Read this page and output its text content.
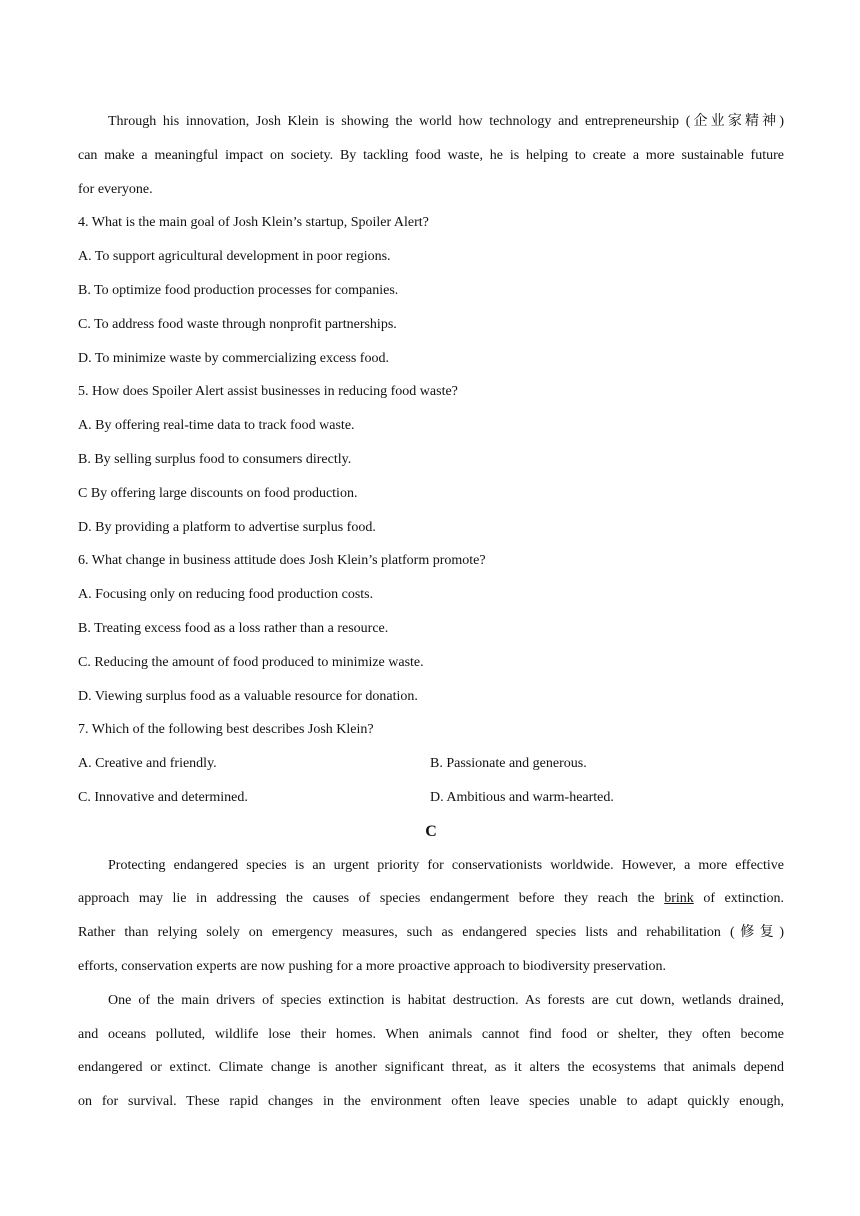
Through his innovation, Josh Klein is showing the world how technology and entrepreneurship (企业家精神)
can make a meaningful impact on society. By tackling food waste, he is helping to create a more sustainable future
for everyone.
4. What is the main goal of Josh Klein’s startup, Spoiler Alert?
A. To support agricultural development in poor regions.
B. To optimize food production processes for companies.
C. To address food waste through nonprofit partnerships.
D. To minimize waste by commercializing excess food.
5. How does Spoiler Alert assist businesses in reducing food waste?
A. By offering real-time data to track food waste.
B. By selling surplus food to consumers directly.
C By offering large discounts on food production.
D. By providing a platform to advertise surplus food.
6. What change in business attitude does Josh Klein’s platform promote?
A. Focusing only on reducing food production costs.
B. Treating excess food as a loss rather than a resource.
C. Reducing the amount of food produced to minimize waste.
D. Viewing surplus food as a valuable resource for donation.
7. Which of the following best describes Josh Klein?
A. Creative and friendly.	B. Passionate and generous.
C. Innovative and determined.	D. Ambitious and warm-hearted.
C
Protecting endangered species is an urgent priority for conservationists worldwide. However, a more effective
approach may lie in addressing the causes of species endangerment before they reach the brink of extinction.
Rather than relying solely on emergency measures, such as endangered species lists and rehabilitation (修复)
efforts, conservation experts are now pushing for a more proactive approach to biodiversity preservation.
One of the main drivers of species extinction is habitat destruction. As forests are cut down, wetlands drained,
and oceans polluted, wildlife lose their homes. When animals cannot find food or shelter, they often become
endangered or extinct. Climate change is another significant threat, as it alters the ecosystems that animals depend
on for survival. These rapid changes in the environment often leave species unable to adapt quickly enough,
